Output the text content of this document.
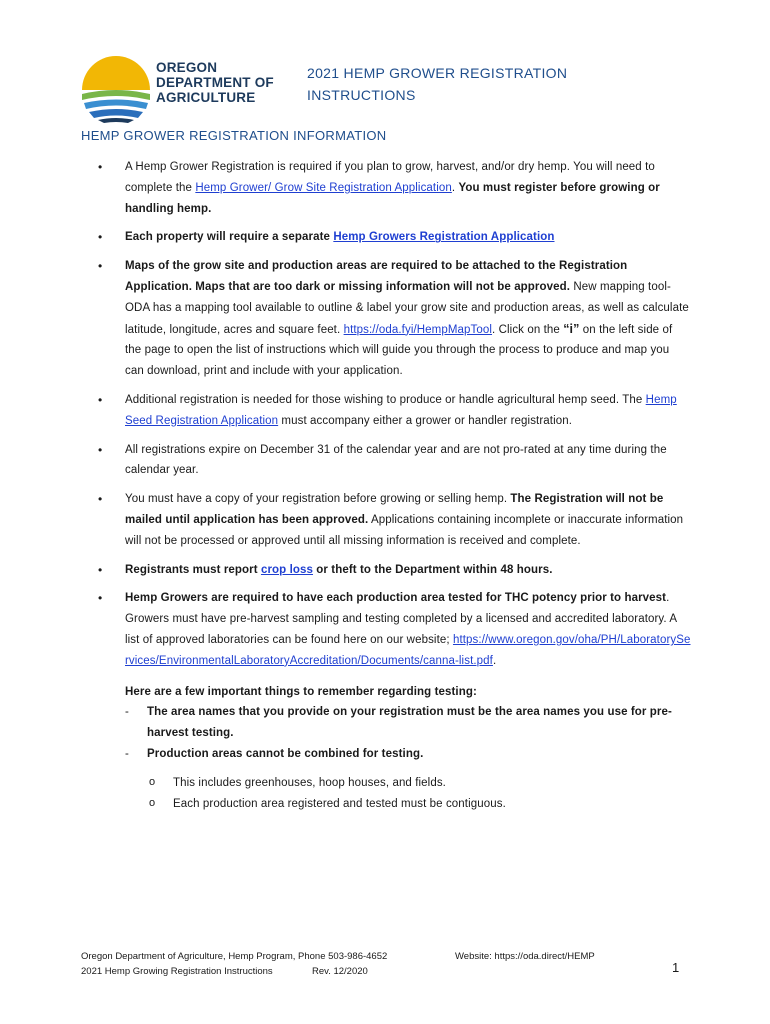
OREGON
DEPARTMENT OF
AGRICULTURE
2021 HEMP GROWER REGISTRATION
INSTRUCTIONS
HEMP GROWER REGISTRATION INFORMATION
• A Hemp Grower Registration is required if you plan to grow, harvest, and/or dry hemp. You will need to complete the Hemp Grower/ Grow Site Registration Application. You must register before growing or handling hemp.
• Each property will require a separate Hemp Growers Registration Application
• Maps of the grow site and production areas are required to be attached to the Registration Application. Maps that are too dark or missing information will not be approved. New mapping tool- ODA has a mapping tool available to outline & label your grow site and production areas, as well as calculate latitude, longitude, acres and square feet. https://oda.fyi/HempMapTool. Click on the “i” on the left side of the page to open the list of instructions which will guide you through the process to produce and map you can download, print and include with your application.
• Additional registration is needed for those wishing to produce or handle agricultural hemp seed. The Hemp Seed Registration Application must accompany either a grower or handler registration.
• All registrations expire on December 31 of the calendar year and are not pro-rated at any time during the calendar year.
• You must have a copy of your registration before growing or selling hemp. The Registration will not be mailed until application has been approved. Applications containing incomplete or inaccurate information will not be processed or approved until all missing information is received and complete.
• Registrants must report crop loss or theft to the Department within 48 hours.
• Hemp Growers are required to have each production area tested for THC potency prior to harvest. Growers must have pre-harvest sampling and testing completed by a licensed and accredited laboratory. A list of approved laboratories can be found here on our website; https://www.oregon.gov/oha/PH/LaboratoryServices/EnvironmentalLaboratoryAccreditation/Documents/canna-list.pdf.
Here are a few important things to remember regarding testing:
- The area names that you provide on your registration must be the area names you use for pre-harvest testing.
- Production areas cannot be combined for testing.
o This includes greenhouses, hoop houses, and fields.
o Each production area registered and tested must be contiguous.
Oregon Department of Agriculture, Hemp Program, Phone 503-986-4652	Website: https://oda.direct/HEMP
2021 Hemp Growing Registration Instructions	Rev. 12/2020	1
